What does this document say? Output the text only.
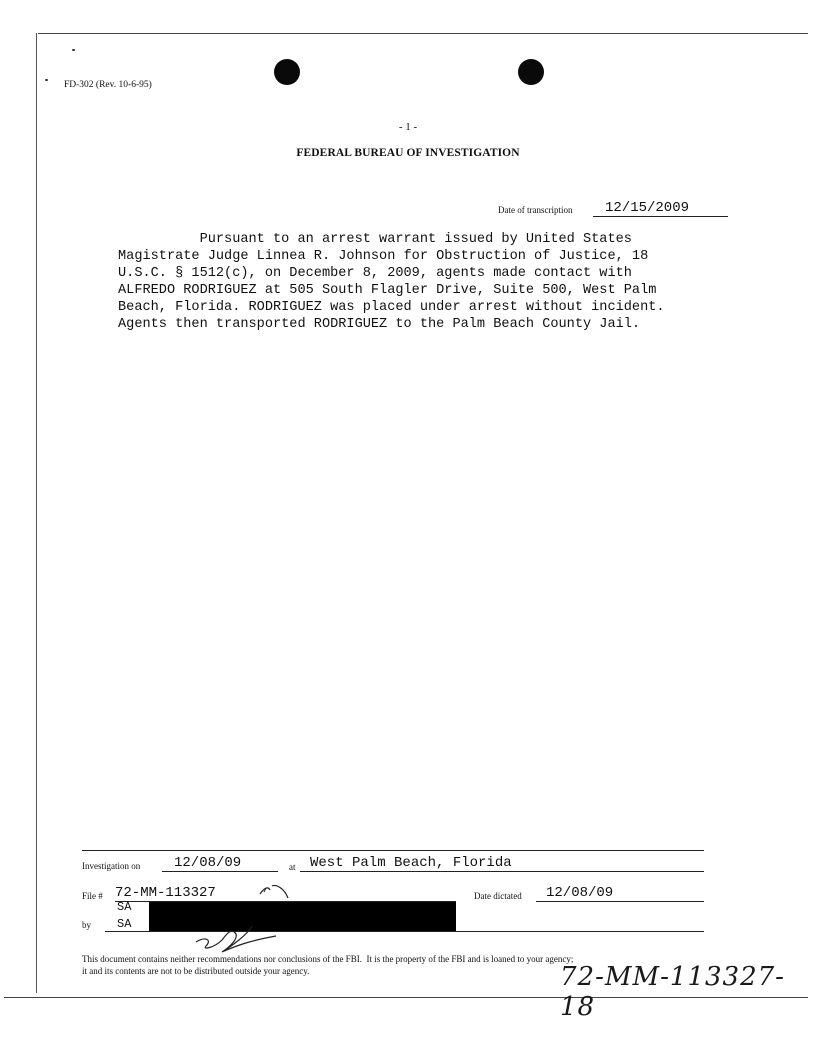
FD-302 (Rev. 10-6-95)
- 1 -
FEDERAL BUREAU OF INVESTIGATION
Date of transcription	12/15/2009
Pursuant to an arrest warrant issued by United States
Magistrate Judge Linnea R. Johnson for Obstruction of Justice, 18
U.S.C. § 1512(c), on December 8, 2009, agents made contact with
ALFREDO RODRIGUEZ at 505 South Flagler Drive, Suite 500, West Palm
Beach, Florida. RODRIGUEZ was placed under arrest without incident.
Agents then transported RODRIGUEZ to the Palm Beach County Jail.
Investigation on	12/08/09	at	West Palm Beach, Florida
File # 72-MM-113327	Date dictated	12/08/09
by
SA
SA
This document contains neither recommendations nor conclusions of the FBI.  It is the property of the FBI and is loaned to your agency;
it and its contents are not to be distributed outside your agency.	72-MM-113327-18
